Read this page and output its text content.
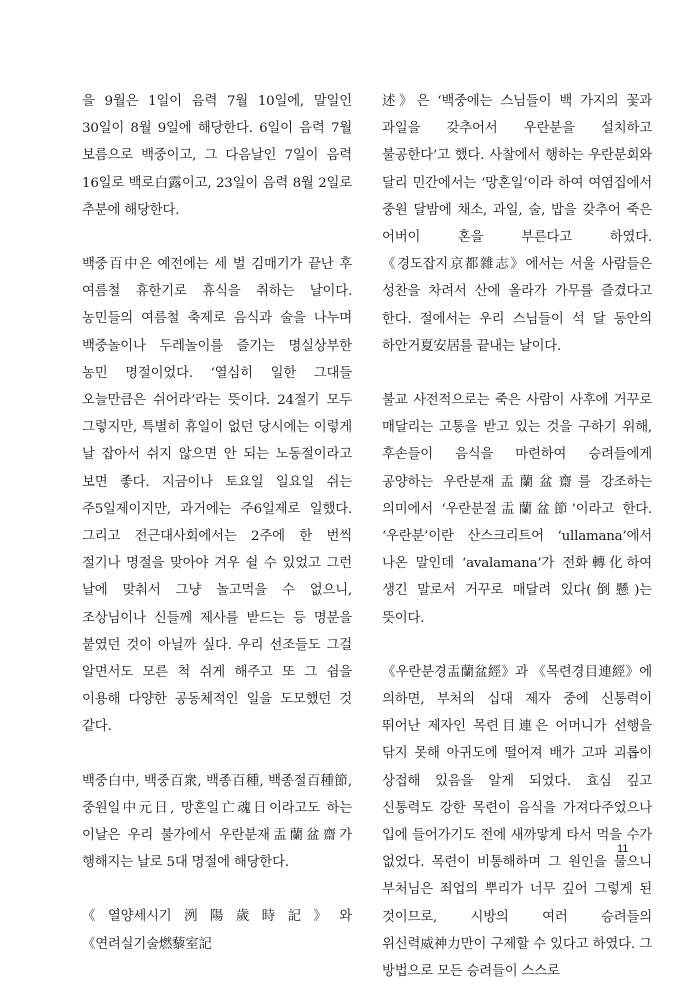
을 9월은 1일이 음력 7월 10일에, 말일인 30일이 8월 9일에 해당한다. 6일이 음력 7월 보름으로 백중이고, 그 다음날인 7일이 음력 16일로 백로白露이고, 23일이 음력 8월 2일로 추분에 해당한다.

백중百中은 예전에는 세 벌 김매기가 끝난 후 여름철 휴한기로 휴식을 취하는 날이다. 농민들의 여름철 축제로 음식과 술을 나누며 백중놀이나 두레놀이를 즐기는 명실상부한 농민 명절이었다. ‘열심히 일한 그대들 오늘만큼은 쉬어라’라는 뜻이다. 24절기 모두 그렇지만, 특별히 휴일이 없던 당시에는 이렇게 날 잡아서 쉬지 않으면 안 되는 노동절이라고 보면 좋다. 지금이나 토요일 일요일 쉬는 주5일제이지만, 과거에는 주6일제로 일했다. 그리고 전근대사회에서는 2주에 한 번씩 절기나 명절을 맞아야 겨우 쉴 수 있었고 그런 날에 맞춰서 그냥 놀고먹을 수 없으니, 조상님이나 신들께 제사를 받드는 등 명분을 붙였던 것이 아닐까 싶다. 우리 선조들도 그걸 알면서도 모른 척 쉬게 해주고 또 그 쉼을 이용해 다양한 공동체적인 일을 도모했던 것 같다.

백중白中, 백중百衆, 백종百種, 백종절百種節, 중원일中元日, 망혼일亡魂日이라고도 하는 이날은 우리 불가에서 우란분재盂蘭盆齋가 행해지는 날로 5대 명절에 해당한다.

《열양세시기洌陽歲時記》와 《연려실기술燃藜室記

述》은 ‘백중에는 스님들이 백 가지의 꽃과 과일을 갖추어서 우란분을 설치하고 불공한다’고 했다. 사찰에서 행하는 우란분회와 달리 민간에서는 ‘망혼일’이라 하여 여염집에서 중원 달밤에 채소, 과일, 술, 밥을 갖추어 죽은 어버이 혼을 부른다고 하였다. 《경도잡지京都雜志》에서는 서울 사람들은 성찬을 차려서 산에 올라가 가무를 즐겼다고 한다. 절에서는 우리 스님들이 석 달 동안의 하안거夏安居를 끝내는 날이다.

불교 사전적으로는 죽은 사람이 사후에 거꾸로 매달리는 고통을 받고 있는 것을 구하기 위해, 후손들이 음식을 마련하여 승려들에게 공양하는 우란분재盂蘭盆齋를 강조하는 의미에서 ‘우란분절盂蘭盆節’이라고 한다. ‘우란분’이란 산스크리트어 ‘ullamana’에서 나온 말인데 ‘avalamana’가 전화轉化하여 생긴 말로서 거꾸로 매달려 있다(倒懸)는 뜻이다.

《우란분경盂蘭盆經》과 《목련경目連經》에 의하면, 부처의 십대 제자 중에 신통력이 뛰어난 제자인 목련目連은 어머니가 선행을 닦지 못해 아귀도에 떨어져 배가 고파 괴롭이 상접해 있음을 알게 되었다. 효심 깊고 신통력도 강한 목련이 음식을 가져다주었으나 입에 들어가기도 전에 새까맣게 타서 먹을 수가 없었다. 목련이 비통해하며 그 원인을 물으니 부처님은 죄업의 뿌리가 너무 깊어 그렇게 된 것이므로, 시방의 여러 승려들의 위신력威神力만이 구제할 수 있다고 하였다. 그 방법으로 모든 승려들이 스스로

11
